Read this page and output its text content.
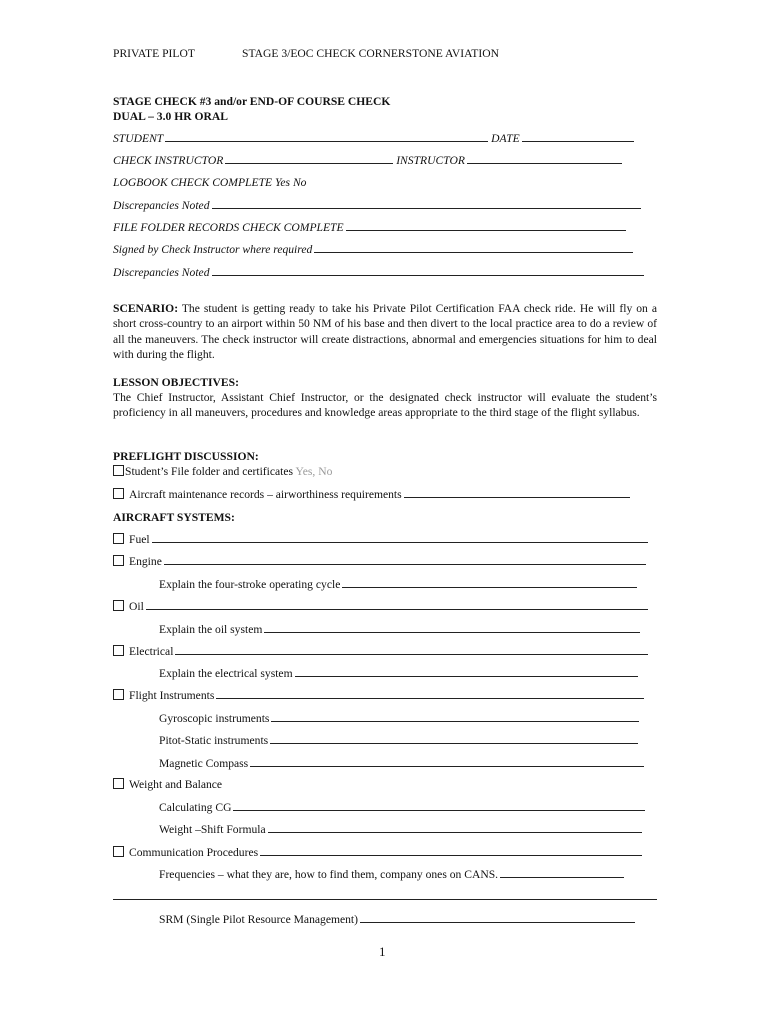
PRIVATE PILOT	STAGE 3/EOC CHECK CORNERSTONE AVIATION
STAGE CHECK #3 and/or END-OF COURSE CHECK
DUAL – 3.0 HR ORAL
STUDENT	DATE
CHECK INSTRUCTOR	INSTRUCTOR
LOGBOOK CHECK COMPLETE Yes No
Discrepancies Noted
FILE FOLDER RECORDS CHECK COMPLETE
Signed by Check Instructor where required
Discrepancies Noted
SCENARIO: The student is getting ready to take his Private Pilot Certification FAA check ride. He will fly on a short cross-country to an airport within 50 NM of his base and then divert to the local practice area to do a review of all the maneuvers. The check instructor will create distractions, abnormal and emergencies situations for him to deal with during the flight.
LESSON OBJECTIVES:
The Chief Instructor, Assistant Chief Instructor, or the designated check instructor will evaluate the student’s proficiency in all maneuvers, procedures and knowledge areas appropriate to the third stage of the flight syllabus.
PREFLIGHT DISCUSSION:
Student’s File folder and certificates Yes, No
Aircraft maintenance records – airworthiness requirements
AIRCRAFT SYSTEMS:
Fuel
Engine
Explain the four-stroke operating cycle
Oil
Explain the oil system
Electrical
Explain the electrical system
Flight Instruments
Gyroscopic instruments
Pitot-Static instruments
Magnetic Compass
Weight and Balance
Calculating CG
Weight –Shift Formula
Communication Procedures
Frequencies – what they are, how to find them, company ones on CANS.
SRM (Single Pilot Resource Management)
1
